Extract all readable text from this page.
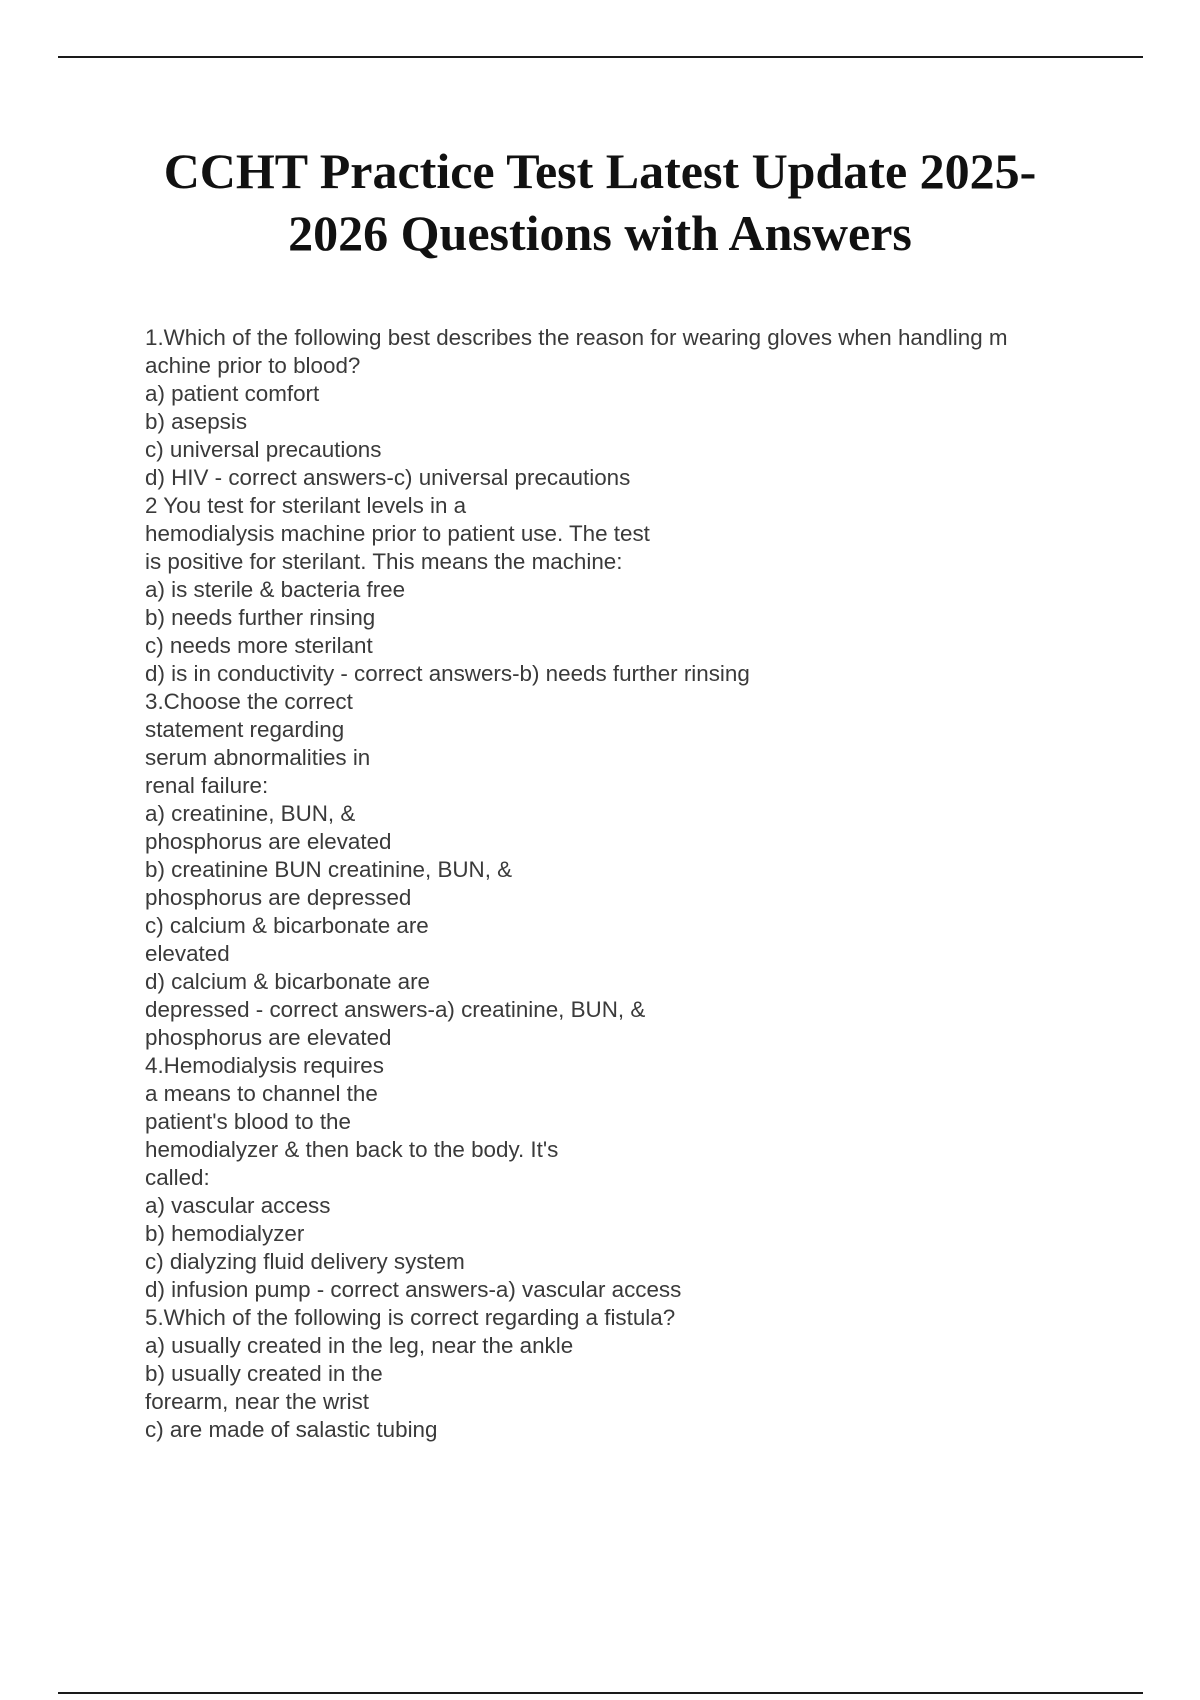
CCHT Practice Test Latest Update 2025-
2026 Questions with Answers
1.Which of the following best describes the reason for wearing gloves when handling m
achine prior to blood?
a) patient comfort
b) asepsis
c) universal precautions
d) HIV - correct answers-c) universal precautions
2 You test for sterilant levels in a
hemodialysis machine prior to patient use. The test
is positive for sterilant. This means the machine:
a) is sterile & bacteria free
b) needs further rinsing
c) needs more sterilant
d) is in conductivity - correct answers-b) needs further rinsing
3.Choose the correct
statement regarding
serum abnormalities in
renal failure:
a) creatinine, BUN, &
phosphorus are elevated
b) creatinine BUN creatinine, BUN, &
phosphorus are depressed
c) calcium & bicarbonate are
elevated
d) calcium & bicarbonate are
depressed - correct answers-a) creatinine, BUN, &
phosphorus are elevated
4.Hemodialysis requires
a means to channel the
patient's blood to the
hemodialyzer & then back to the body. It's
called:
a) vascular access
b) hemodialyzer
c) dialyzing fluid delivery system
d) infusion pump - correct answers-a) vascular access
5.Which of the following is correct regarding a fistula?
a) usually created in the leg, near the ankle
b) usually created in the
forearm, near the wrist
c) are made of salastic tubing
